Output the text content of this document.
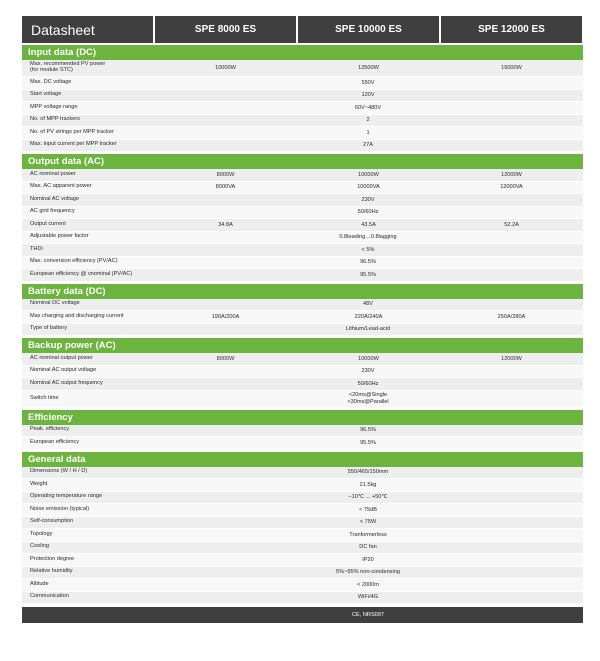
Datasheet	SPE 8000 ES	SPE 10000 ES	SPE 12000 ES
Input data (DC)
Max. recommended PV power
(for module STC)	10000W	12500W	15000W
Max. DC voltage	550V
Start voltage	120V
MPP voltage range	60V~480V
No. of MPP trackers	2
No. of PV strings per MPP tracker	1
Max. input current per MPP tracker	27A
Output data (AC)
AC nominal power	8000W	10000W	12000W
Max. AC apparent power	8000VA	10000VA	12000VA
Nominal AC voltage	230V
AC grid frequency	50/60Hz
Output current	34.8A	43.5A	52.2A
Adjustable power factor	0.8leading…0.8lagging
THDi	< 5%
Max. conversion efficiency (PV/AC)	96.5%
European efficiency @ vnominal (PV/AC)	95.5%
Battery data (DC)
Nominal DC voltage	48V
Max charging and discharging current	190A/200A	220A/240A	250A/280A
Type of battery	Lithium/Lead-acid
Backup power (AC)
AC nominal output power	8000W	10000W	12000W
Nominal AC output voltage	230V
Nominal AC output frequency	50/60Hz
Switch time	<20ms@Single
<30ms@Parallel
Efficiency
Peak. efficiency	96.5%
European efficiency	95.5%
General data
Dimensions (W / H / D)	550/465/150mm
Weight	21.5kg
Operating temperature range	−10℃ ... +50℃
Noise emission (typical)	< 75dB
Self-consumption	< 75W
Topology	Tranformerless
Cooling	DC fan
Protection degree	IP20
Relative humidity	5%~95% non-condensing
Altitude	< 2000m
Communication	WiFi/4G
CE, NRS097
